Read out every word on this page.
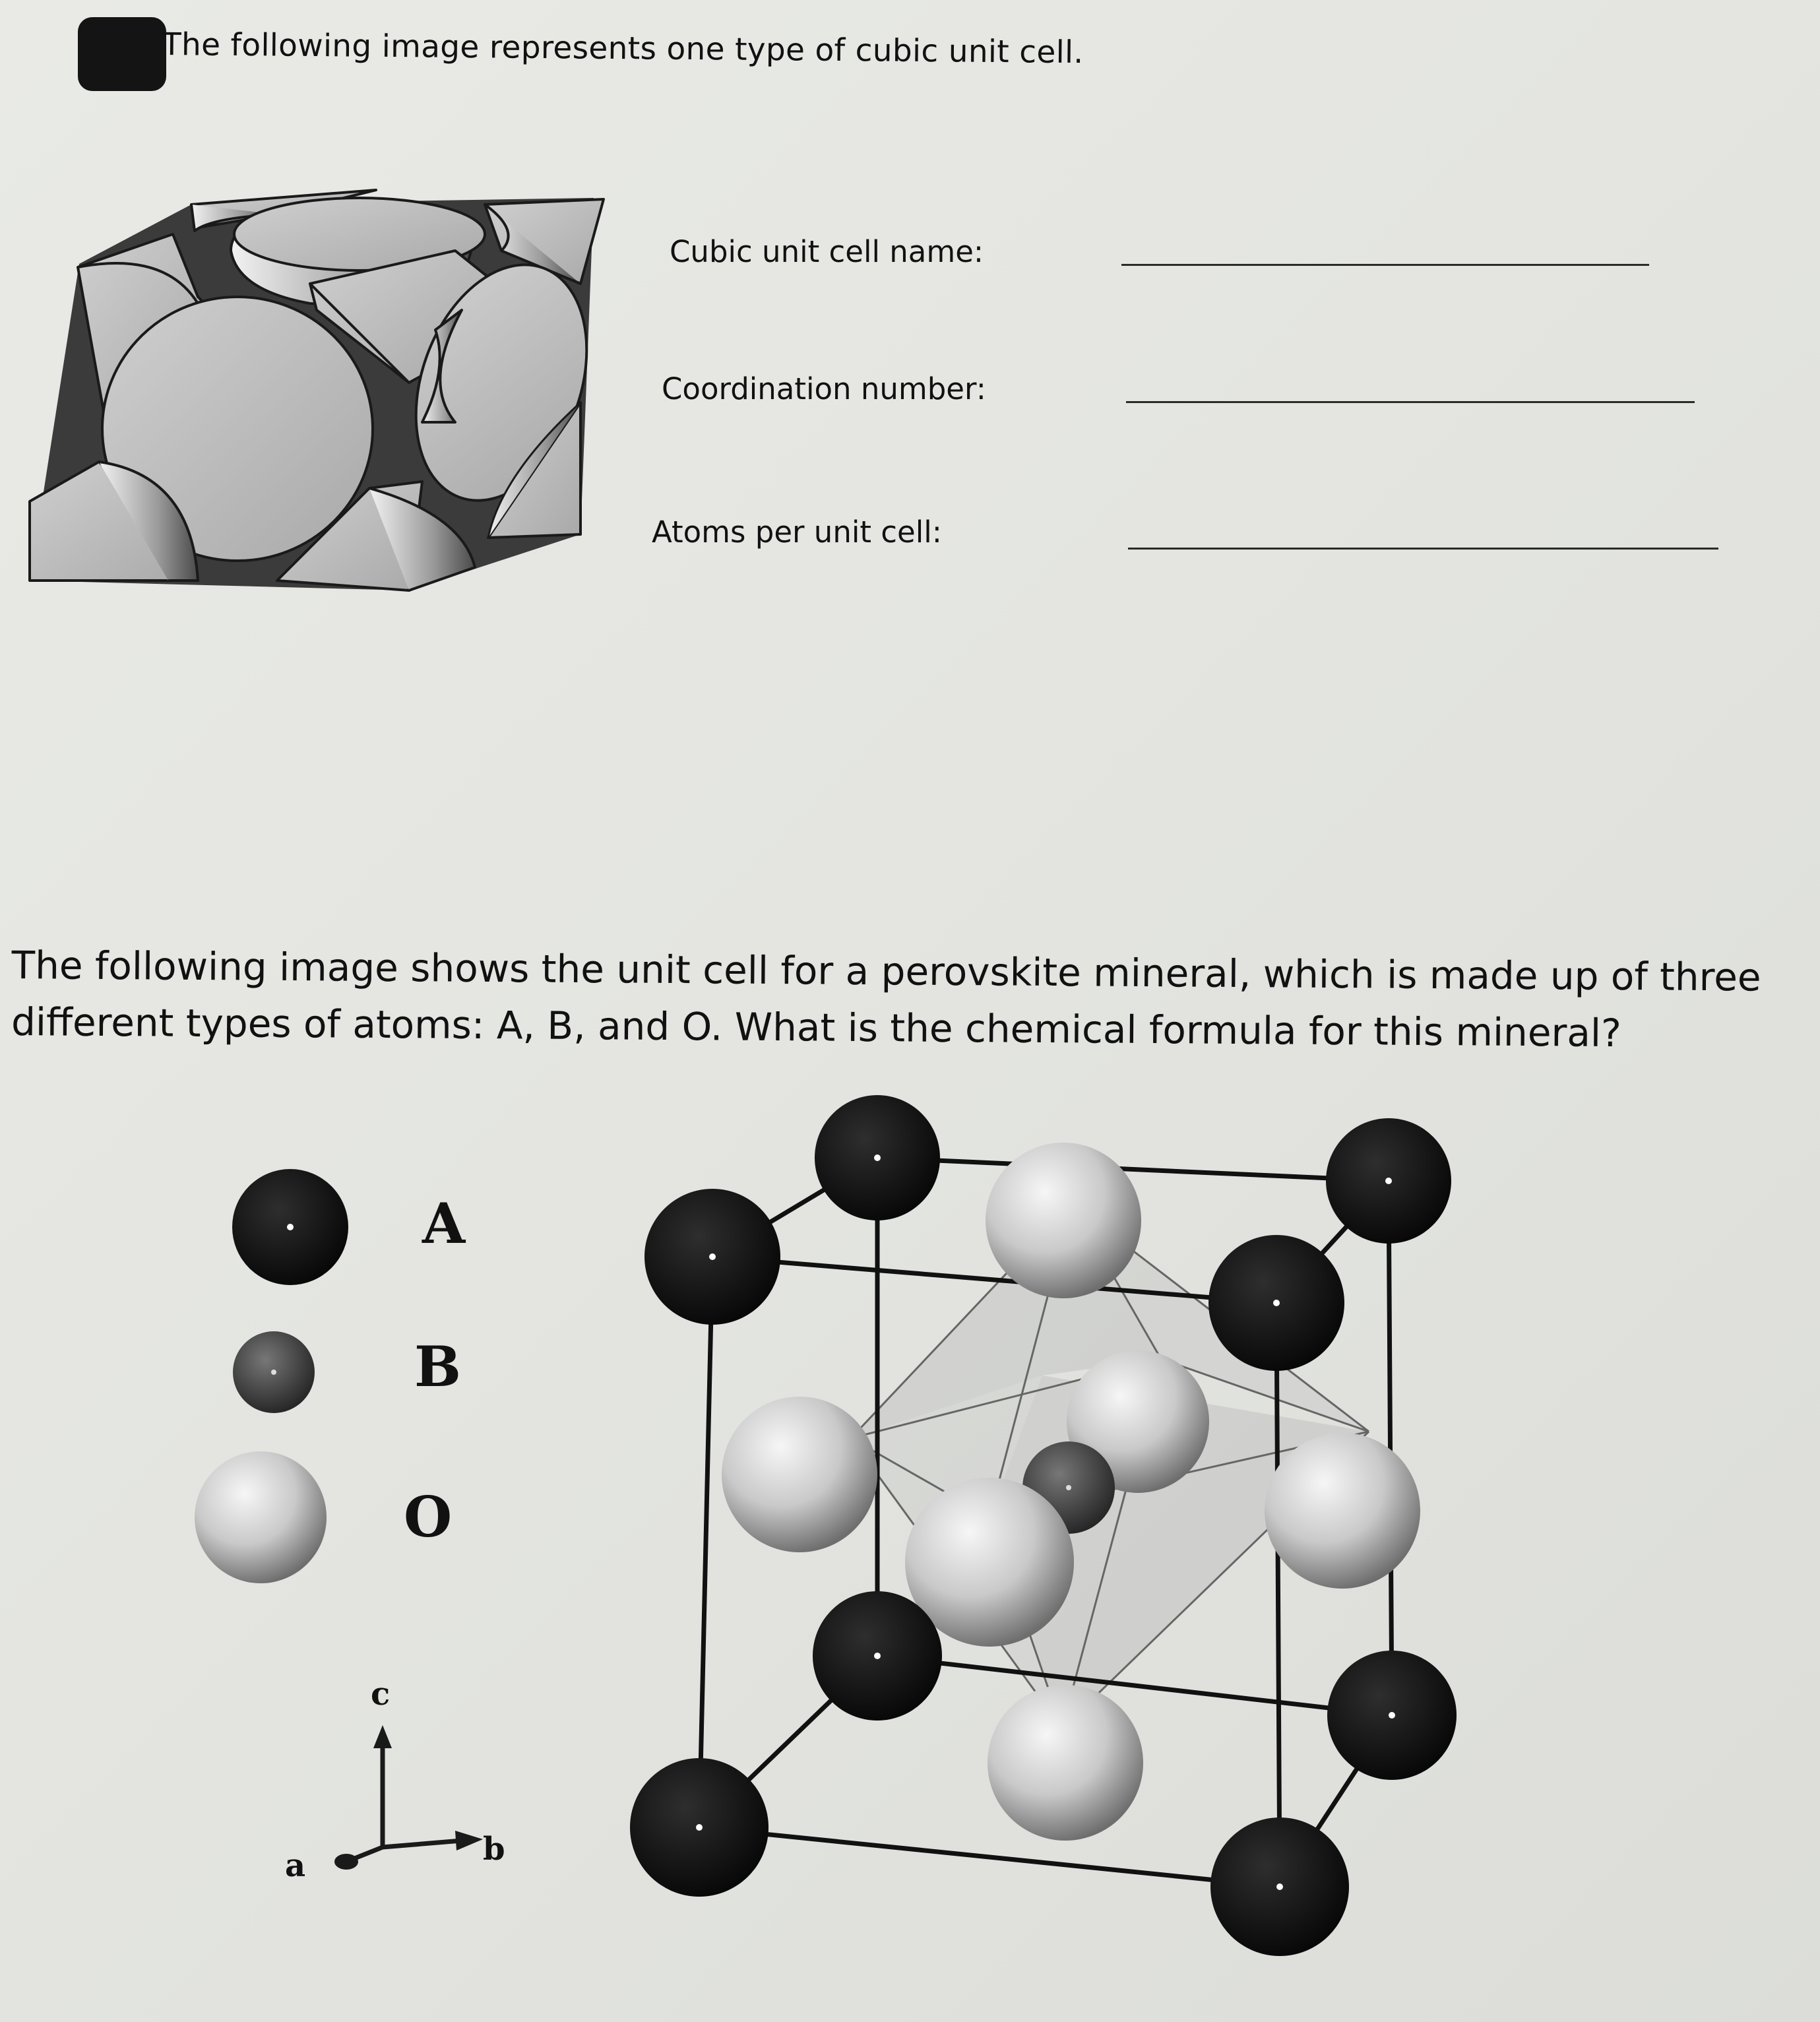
The following image represents one type of cubic unit cell.
Cubic unit cell name:
Coordination number:
Atoms per unit cell:
The following image shows the unit cell for a perovskite mineral, which is made up of three different types of atoms: A, B, and O. What is the chemical formula for this mineral?
A
B
O
c
a	b
